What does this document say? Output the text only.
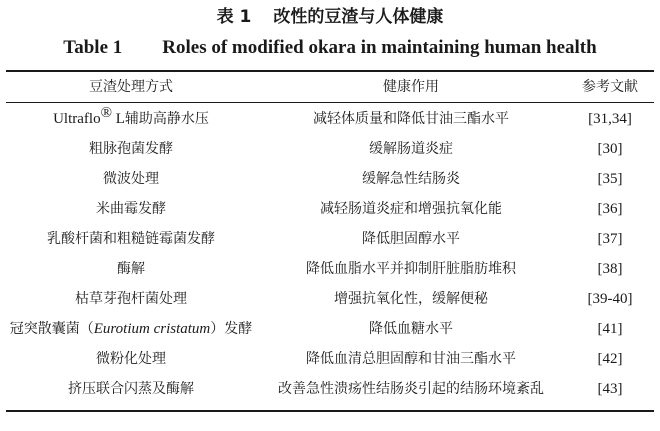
表 1 改性的豆渣与人体健康
Table 1 Roles of modified okara in maintaining human health
豆渣处理方式	健康作用	参考文献
Ultraflo® L辅助高静水压	减轻体质量和降低甘油三酯水平	[31,34]
粗脉孢菌发酵	缓解肠道炎症	[30]
微波处理	缓解急性结肠炎	[35]
米曲霉发酵	减轻肠道炎症和增强抗氧化能	[36]
乳酸杆菌和粗糙链霉菌发酵	降低胆固醇水平	[37]
酶解	降低血脂水平并抑制肝脏脂肪堆积	[38]
枯草芽孢杆菌处理	增强抗氧化性，缓解便秘	[39-40]
冠突散囊菌（Eurotium cristatum）发酵	降低血糖水平	[41]
微粉化处理	降低血清总胆固醇和甘油三酯水平	[42]
挤压联合闪蒸及酶解	改善急性溃疡性结肠炎引起的结肠环境紊乱	[43]
